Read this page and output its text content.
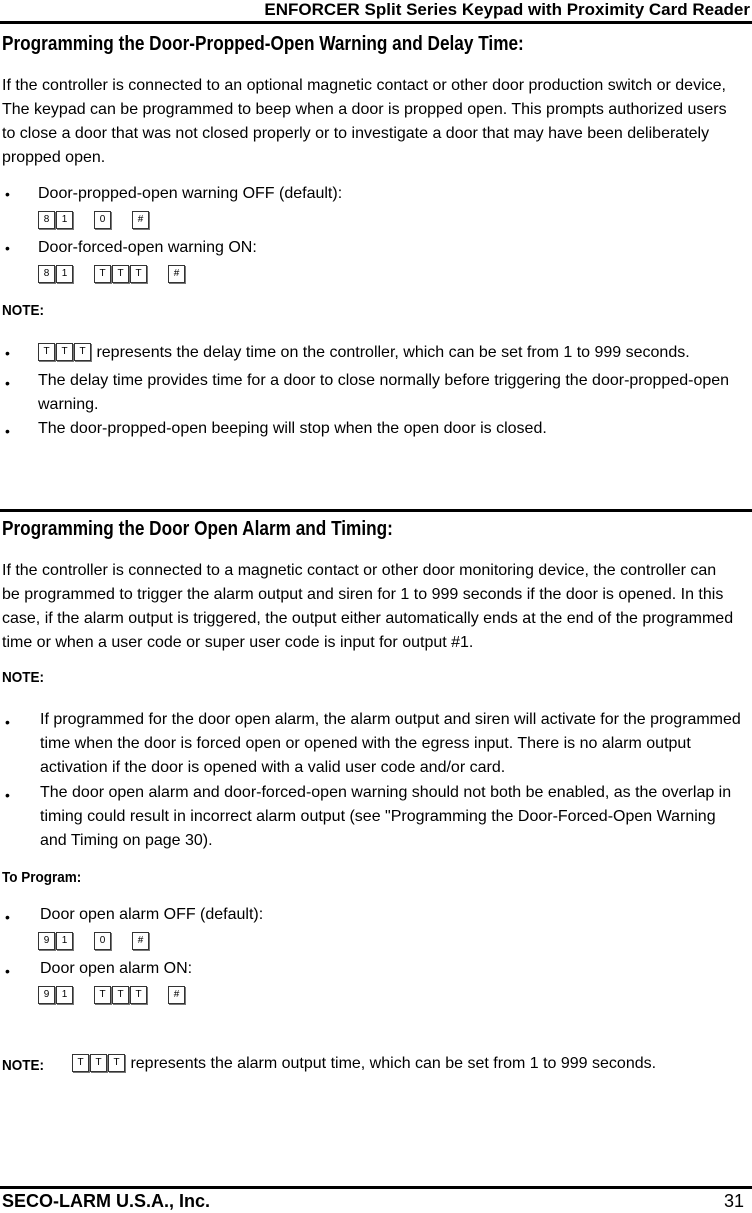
ENFORCER Split Series Keypad with Proximity Card Reader
Programming the Door-Propped-Open Warning and Delay Time:
If the controller is connected to an optional magnetic contact or other door production switch or device, The keypad can be programmed to beep when a door is propped open. This prompts authorized users to close a door that was not closed properly or to investigate a door that may have been deliberately propped open.
• Door-propped-open warning OFF (default):
8 1	0	#
• Door-forced-open warning ON:
8 1	T T T	#
NOTE:
•	T T T represents the delay time on the controller, which can be set from 1 to 999 seconds.
• The delay time provides time for a door to close normally before triggering the door-propped-open warning.
• The door-propped-open beeping will stop when the open door is closed.
Programming the Door Open Alarm and Timing:
If the controller is connected to a magnetic contact or other door monitoring device, the controller can be programmed to trigger the alarm output and siren for 1 to 999 seconds if the door is opened. In this case, if the alarm output is triggered, the output either automatically ends at the end of the programmed time or when a user code or super user code is input for output #1.
NOTE:
• If programmed for the door open alarm, the alarm output and siren will activate for the programmed time when the door is forced open or opened with the egress input. There is no alarm output activation if the door is opened with a valid user code and/or card.
• The door open alarm and door-forced-open warning should not both be enabled, as the overlap in timing could result in incorrect alarm output (see "Programming the Door-Forced-Open Warning and Timing on page 30).
To Program:
• Door open alarm OFF (default):
9 1	0	#
• Door open alarm ON:
9 1	T T T	#
NOTE:	T T T represents the alarm output time, which can be set from 1 to 999 seconds.
SECO-LARM U.S.A., Inc.	31
